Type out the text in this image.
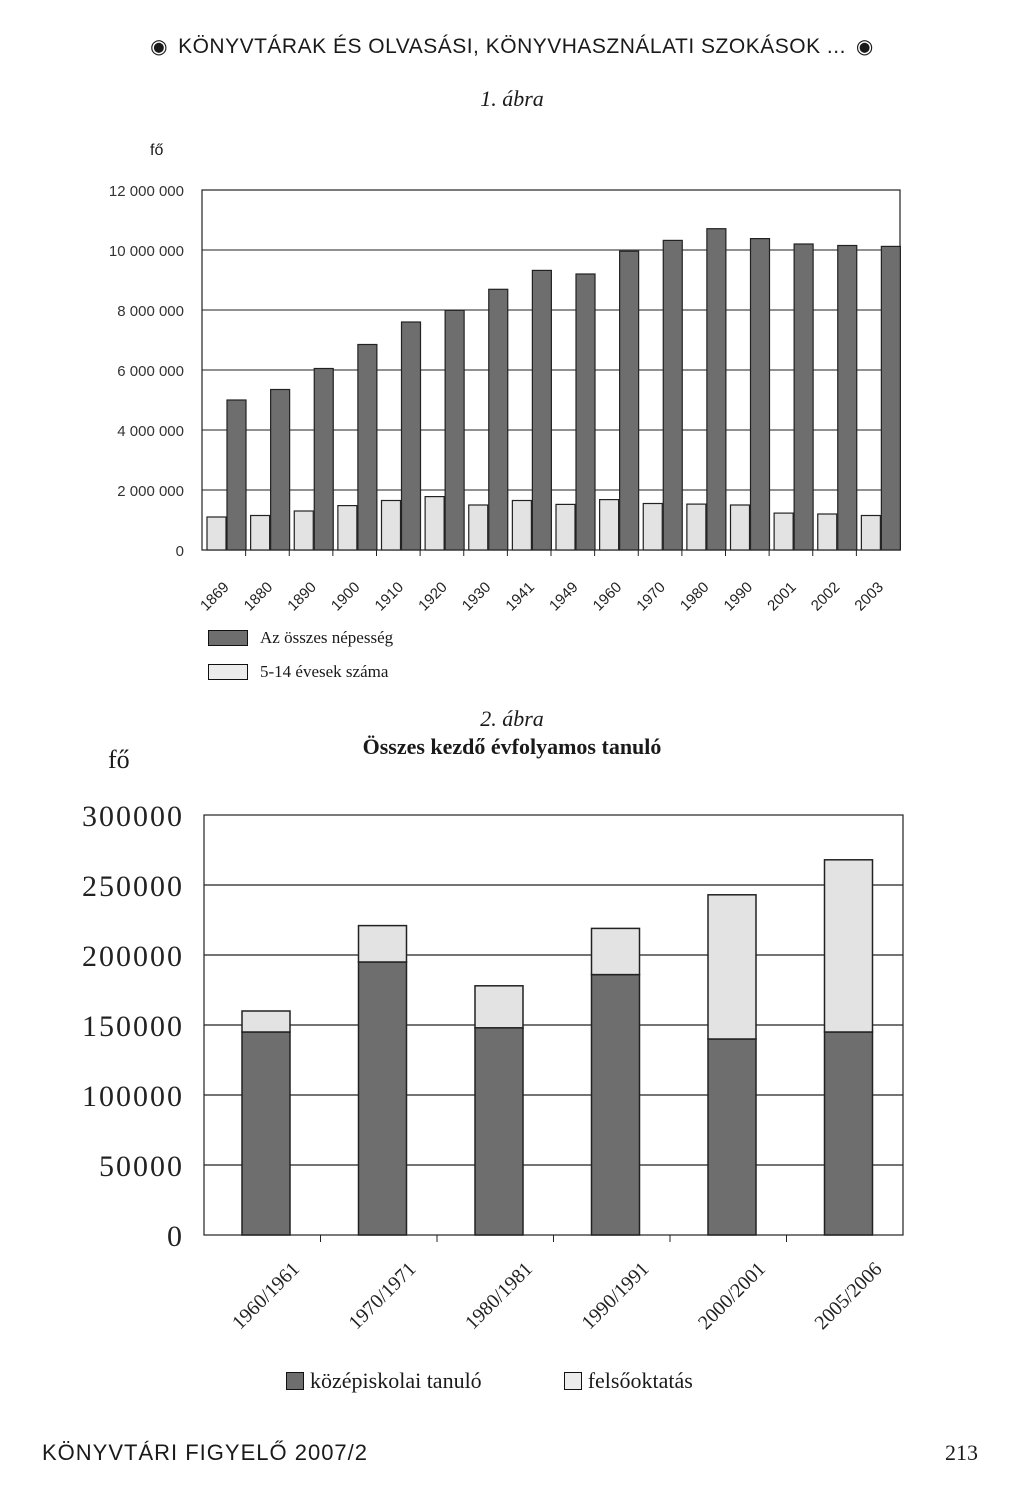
◉ KÖNYVTÁRAK ÉS OLVASÁSI, KÖNYVHASZNÁLATI SZOKÁSOK ... ◉
1. ábra
fő
0
2 000 000
4 000 000
6 000 000
8 000 000
10 000 000
12 000 000
1869 1880 1890 1900 1910 1920 1930 1941 1949 1960 1970 1980 1990 2001 2002 2003
Az összes népesség
5-14 évesek száma
2. ábra
Összes kezdő évfolyamos tanuló
fő
0
50000
100000
150000
200000
250000
300000
1960/1961 1970/1971 1980/1981 1990/1991 2000/2001 2005/2006
középiskolai tanuló	felsőoktatás
KÖNYVTÁRI FIGYELŐ 2007/2	213
